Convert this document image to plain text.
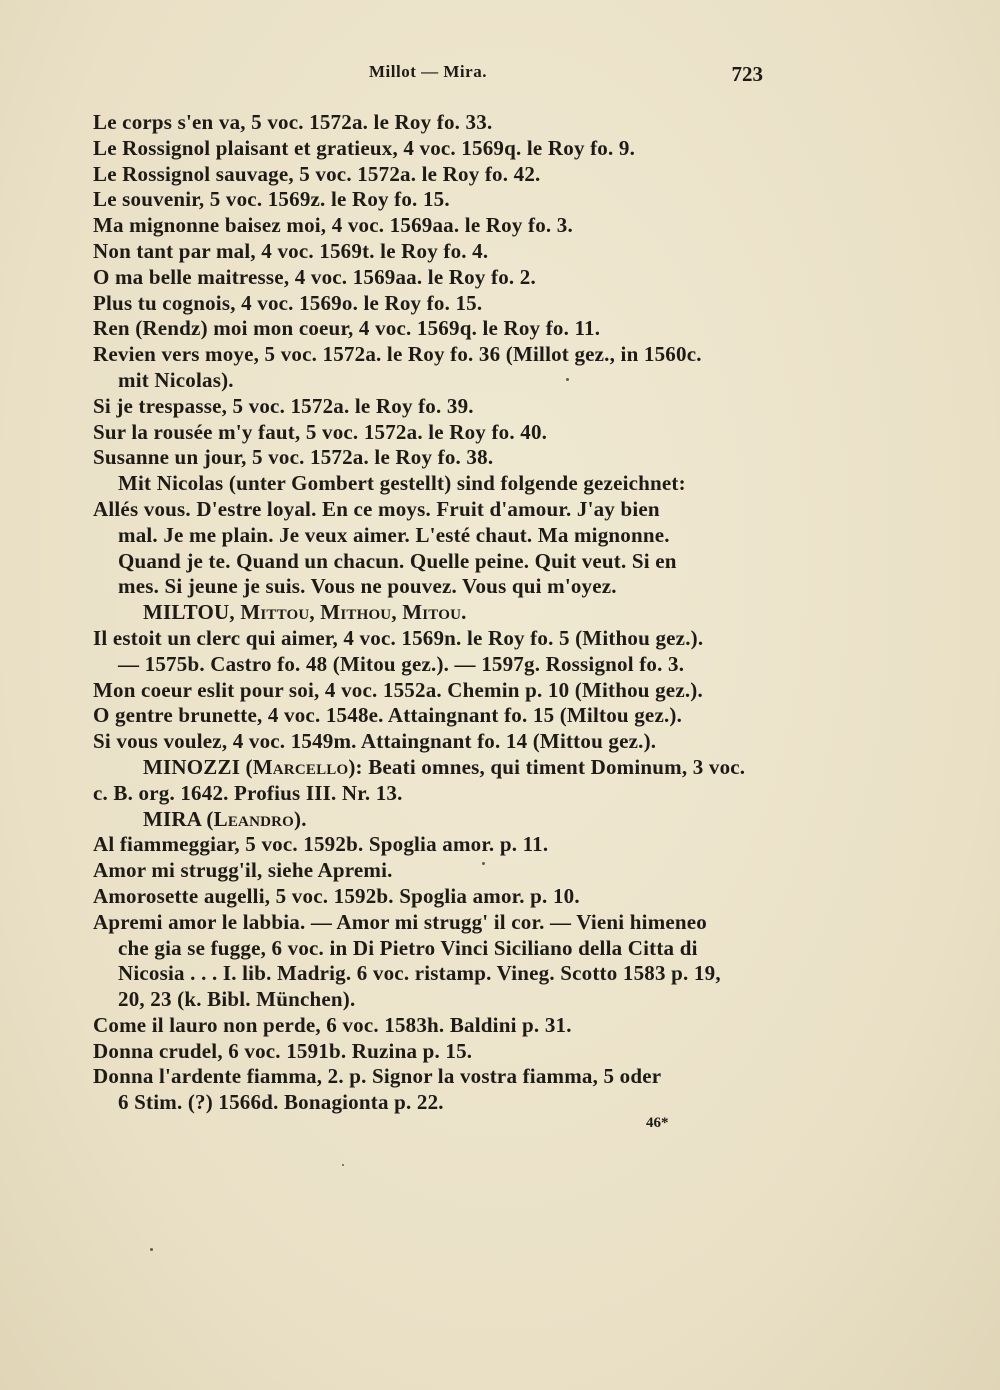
Millot — Mira.	723

Le corps s'en va, 5 voc. 1572a. le Roy fo. 33.

Le Rossignol plaisant et gratieux, 4 voc. 1569q. le Roy fo. 9.

Le Rossignol sauvage, 5 voc. 1572a. le Roy fo. 42.

Le souvenir, 5 voc. 1569z. le Roy fo. 15.

Ma mignonne baisez moi, 4 voc. 1569aa. le Roy fo. 3.

Non tant par mal, 4 voc. 1569t. le Roy fo. 4.

O ma belle maitresse, 4 voc. 1569aa. le Roy fo. 2.

Plus tu cognois, 4 voc. 1569o. le Roy fo. 15.

Ren (Rendz) moi mon coeur, 4 voc. 1569q. le Roy fo. 11.

Revien vers moye, 5 voc. 1572a. le Roy fo. 36 (Millot gez., in 1560c.

mit Nicolas).

Si je trespasse, 5 voc. 1572a. le Roy fo. 39.

Sur la rousée m'y faut, 5 voc. 1572a. le Roy fo. 40.

Susanne un jour, 5 voc. 1572a. le Roy fo. 38.

Mit Nicolas (unter Gombert gestellt) sind folgende gezeichnet:

Allés vous. D'estre loyal. En ce moys. Fruit d'amour. J'ay bien

mal. Je me plain. Je veux aimer. L'esté chaut. Ma mignonne.

Quand je te. Quand un chacun. Quelle peine. Quit veut. Si en

mes. Si jeune je suis. Vous ne pouvez. Vous qui m'oyez.

MILTOU, Mittou, Mithou, Mitou.

Il estoit un clerc qui aimer, 4 voc. 1569n. le Roy fo. 5 (Mithou gez.).

— 1575b. Castro fo. 48 (Mitou gez.). — 1597g. Rossignol fo. 3.

Mon coeur eslit pour soi, 4 voc. 1552a. Chemin p. 10 (Mithou gez.).

O gentre brunette, 4 voc. 1548e. Attaingnant fo. 15 (Miltou gez.).

Si vous voulez, 4 voc. 1549m. Attaingnant fo. 14 (Mittou gez.).

MINOZZI (Marcello): Beati omnes, qui timent Dominum, 3 voc.

c. B. org. 1642. Profius III. Nr. 13.

MIRA (Leandro).

Al fiammeggiar, 5 voc. 1592b. Spoglia amor. p. 11.

Amor mi strugg'il, siehe Apremi.

Amorosette augelli, 5 voc. 1592b. Spoglia amor. p. 10.

Apremi amor le labbia. — Amor mi strugg' il cor. — Vieni himeneo

che gia se fugge, 6 voc. in Di Pietro Vinci Siciliano della Citta di

Nicosia . . . I. lib. Madrig. 6 voc. ristamp. Vineg. Scotto 1583 p. 19,

20, 23 (k. Bibl. München).

Come il lauro non perde, 6 voc. 1583h. Baldini p. 31.

Donna crudel, 6 voc. 1591b. Ruzina p. 15.

Donna l'ardente fiamma, 2. p. Signor la vostra fiamma, 5 oder

6 Stim. (?) 1566d. Bonagionta p. 22.

46*
